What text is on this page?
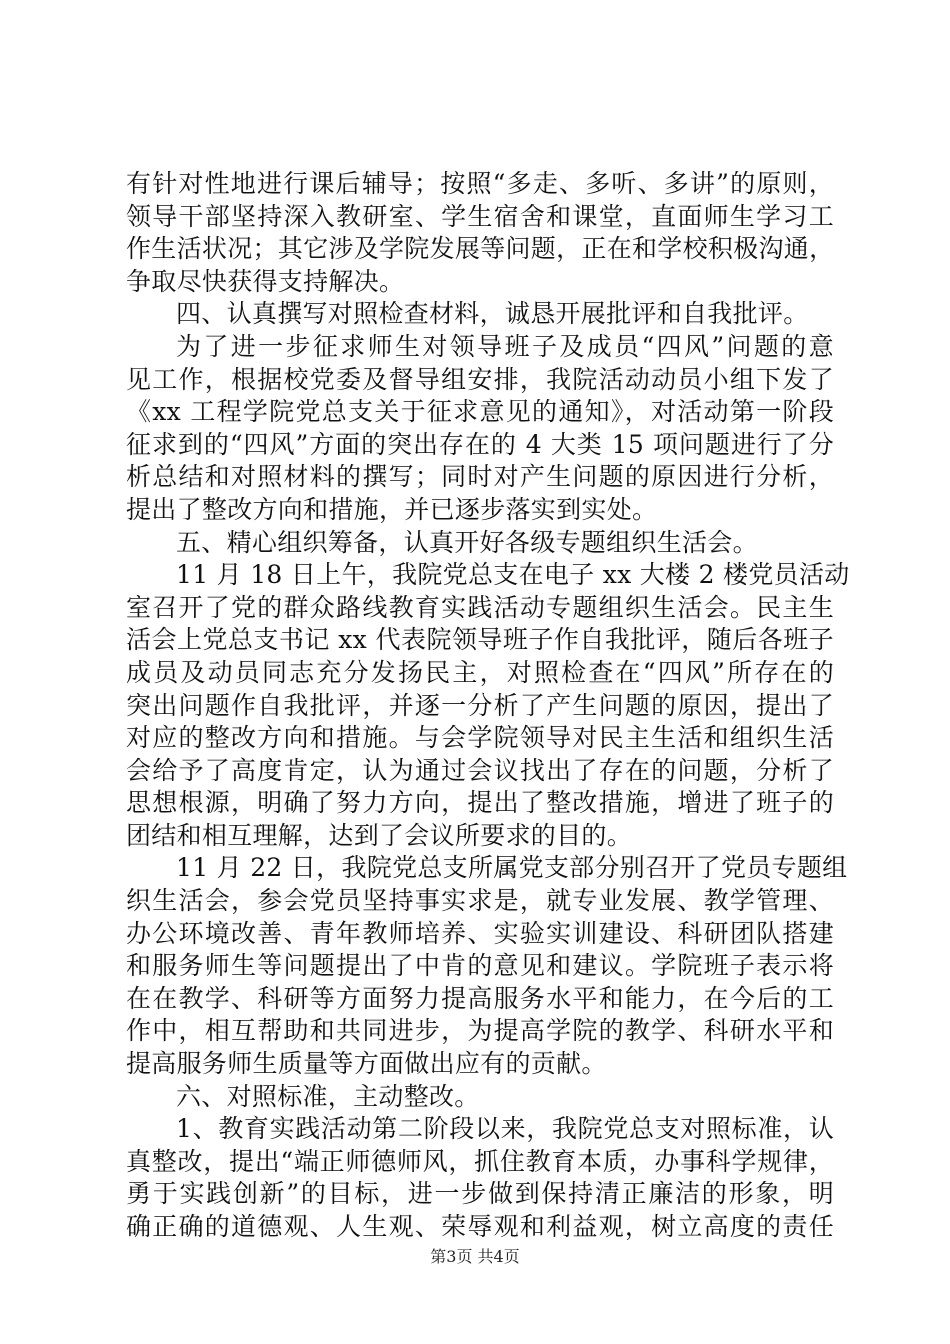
有针对性地进行课后辅导；按照“多走、多听、多讲”的原则，
领导干部坚持深入教研室、学生宿舍和课堂，直面师生学习工
作生活状况；其它涉及学院发展等问题，正在和学校积极沟通，
争取尽快获得支持解决。
四、认真撰写对照检查材料，诚恳开展批评和自我批评。
为了进一步征求师生对领导班子及成员“四风”问题的意
见工作，根据校党委及督导组安排，我院活动动员小组下发了
《xx 工程学院党总支关于征求意见的通知》，对活动第一阶段
征求到的“四风”方面的突出存在的 4 大类 15 项问题进行了分
析总结和对照材料的撰写；同时对产生问题的原因进行分析，
提出了整改方向和措施，并已逐步落实到实处。
五、精心组织筹备，认真开好各级专题组织生活会。
11 月 18 日上午，我院党总支在电子 xx 大楼 2 楼党员活动
室召开了党的群众路线教育实践活动专题组织生活会。民主生
活会上党总支书记 xx 代表院领导班子作自我批评，随后各班子
成员及动员同志充分发扬民主，对照检查在“四风”所存在的
突出问题作自我批评，并逐一分析了产生问题的原因，提出了
对应的整改方向和措施。与会学院领导对民主生活和组织生活
会给予了高度肯定，认为通过会议找出了存在的问题，分析了
思想根源，明确了努力方向，提出了整改措施，增进了班子的
团结和相互理解，达到了会议所要求的目的。
11 月 22 日，我院党总支所属党支部分别召开了党员专题组
织生活会，参会党员坚持事实求是，就专业发展、教学管理、
办公环境改善、青年教师培养、实验实训建设、科研团队搭建
和服务师生等问题提出了中肯的意见和建议。学院班子表示将
在在教学、科研等方面努力提高服务水平和能力，在今后的工
作中，相互帮助和共同进步，为提高学院的教学、科研水平和
提高服务师生质量等方面做出应有的贡献。
六、对照标准，主动整改。
1、教育实践活动第二阶段以来，我院党总支对照标准，认
真整改，提出“端正师德师风，抓住教育本质，办事科学规律，
勇于实践创新”的目标，进一步做到保持清正廉洁的形象，明
确正确的道德观、人生观、荣辱观和利益观，树立高度的责任
第3页 共4页
